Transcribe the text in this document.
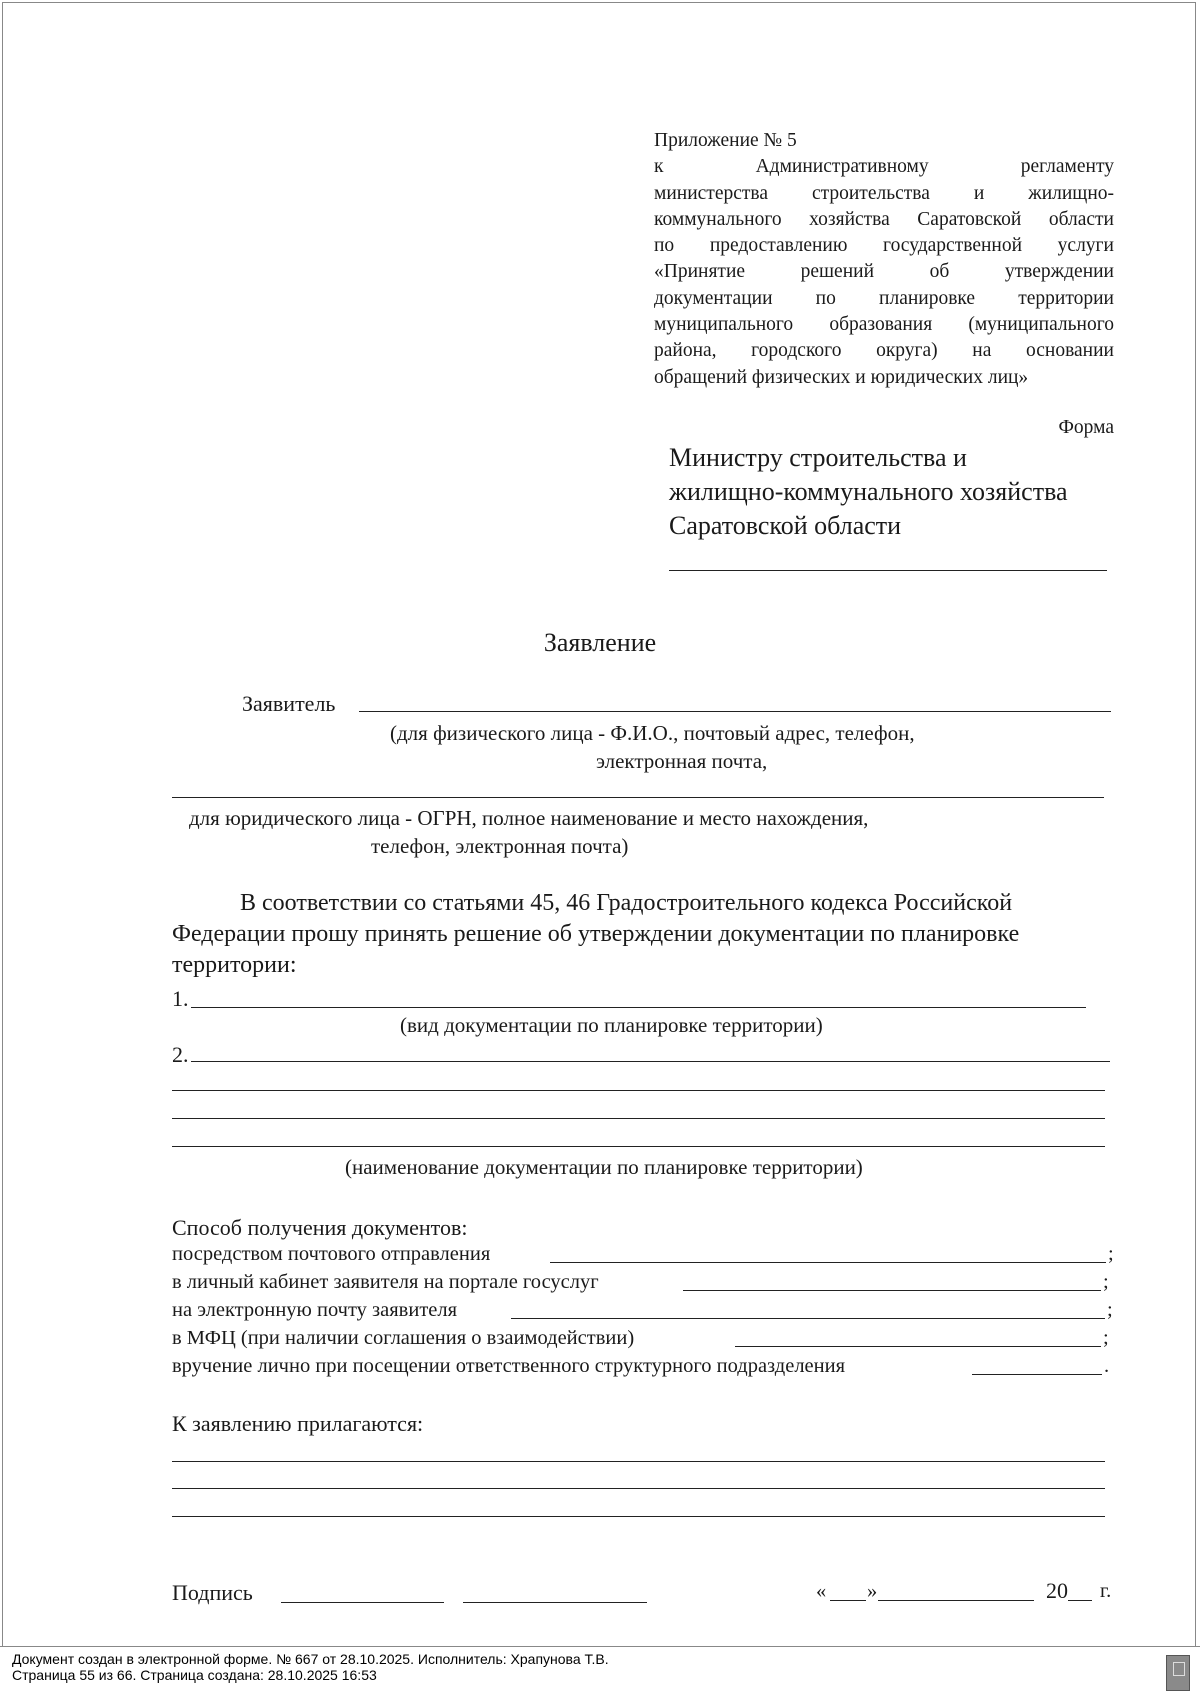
Приложение № 5
к Административному регламенту
министерства строительства и жилищно-
коммунального хозяйства Саратовской области
по предоставлению государственной услуги
«Принятие решений об утверждении
документации по планировке территории
муниципального образования (муниципального
района, городского округа) на основании
обращений физических и юридических лиц»
Форма
Министру строительства и
жилищно-коммунального хозяйства
Саратовской области
Заявление
Заявитель
(для физического лица - Ф.И.О., почтовый адрес, телефон,
электронная почта,
для юридического лица - ОГРН, полное наименование и место нахождения,
телефон, электронная почта)
В соответствии со статьями 45, 46 Градостроительного кодекса Российской
Федерации прошу принять решение об утверждении документации по планировке
территории:
1.
(вид документации по планировке территории)
2.
(наименование документации по планировке территории)
Способ получения документов:
посредством почтового отправления	;
в личный кабинет заявителя на портале госуслуг	;
на электронную почту заявителя	;
в МФЦ (при наличии соглашения о взаимодействии)	;
вручение лично при посещении ответственного структурного подразделения	.
К заявлению прилагаются:
Подпись	« »	20 г.
Документ создан в электронной форме. № 667 от 28.10.2025. Исполнитель: Храпунова Т.В.
Страница 55 из 66. Страница создана: 28.10.2025 16:53
